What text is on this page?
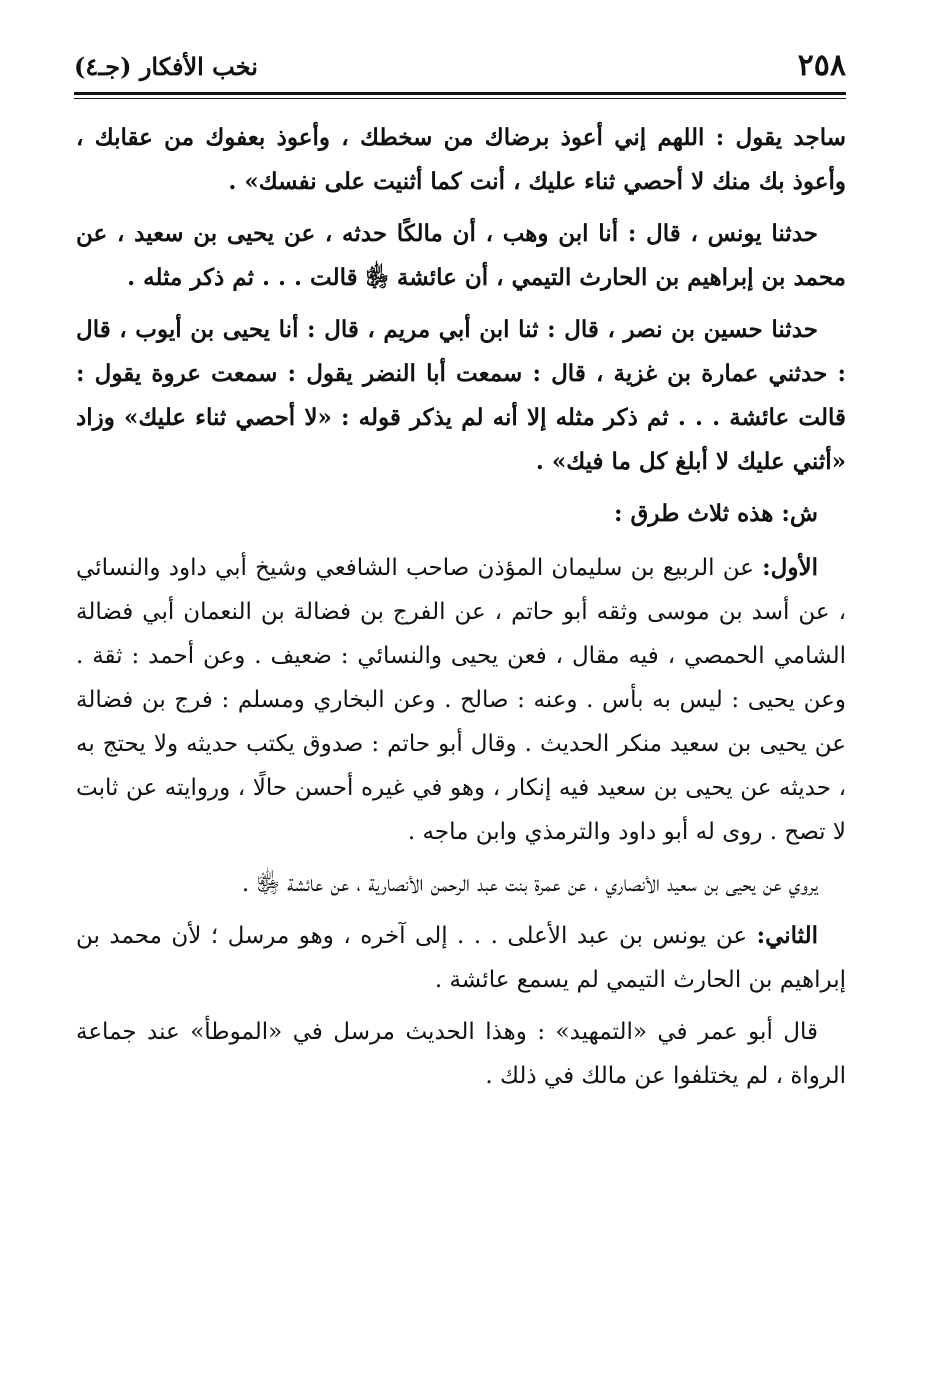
٢٥٨
نخب الأفكار (جـ٤)

ساجد يقول : اللهم إني أعوذ برضاك من سخطك ، وأعوذ بعفوك من عقابك ، وأعوذ بك منك لا أحصي ثناء عليك ، أنت كما أثنيت على نفسك» .

حدثنا يونس ، قال : أنا ابن وهب ، أن مالكًا حدثه ، عن يحيى بن سعيد ، عن محمد بن إبراهيم بن الحارث التيمي ، أن عائشة ﵂ قالت . . . ثم ذكر مثله .

حدثنا حسين بن نصر ، قال : ثنا ابن أبي مريم ، قال : أنا يحيى بن أيوب ، قال : حدثني عمارة بن غزية ، قال : سمعت أبا النضر يقول : سمعت عروة يقول : قالت عائشة . . . ثم ذكر مثله إلا أنه لم يذكر قوله : «لا أحصي ثناء عليك» وزاد «أثني عليك لا أبلغ كل ما فيك» .

ش: هذه ثلاث طرق :

الأول: عن الربيع بن سليمان المؤذن صاحب الشافعي وشيخ أبي داود والنسائي ، عن أسد بن موسى وثقه أبو حاتم ، عن الفرج بن فضالة بن النعمان أبي فضالة الشامي الحمصي ، فيه مقال ، فعن يحيى والنسائي : ضعيف . وعن أحمد : ثقة . وعن يحيى : ليس به بأس . وعنه : صالح . وعن البخاري ومسلم : فرج بن فضالة عن يحيى بن سعيد منكر الحديث . وقال أبو حاتم : صدوق يكتب حديثه ولا يحتج به ، حديثه عن يحيى بن سعيد فيه إنكار ، وهو في غيره أحسن حالًا ، وروايته عن ثابت لا تصح . روى له أبو داود والترمذي وابن ماجه .

يروي عن يحيى بن سعيد الأنصاري ، عن عمرة بنت عبد الرحمن الأنصارية ، عن عائشة ﵂ .

الثاني: عن يونس بن عبد الأعلى . . . إلى آخره ، وهو مرسل ؛ لأن محمد بن إبراهيم بن الحارث التيمي لم يسمع عائشة .

قال أبو عمر في «التمهيد» : وهذا الحديث مرسل في «الموطأ» عند جماعة الرواة ، لم يختلفوا عن مالك في ذلك .
